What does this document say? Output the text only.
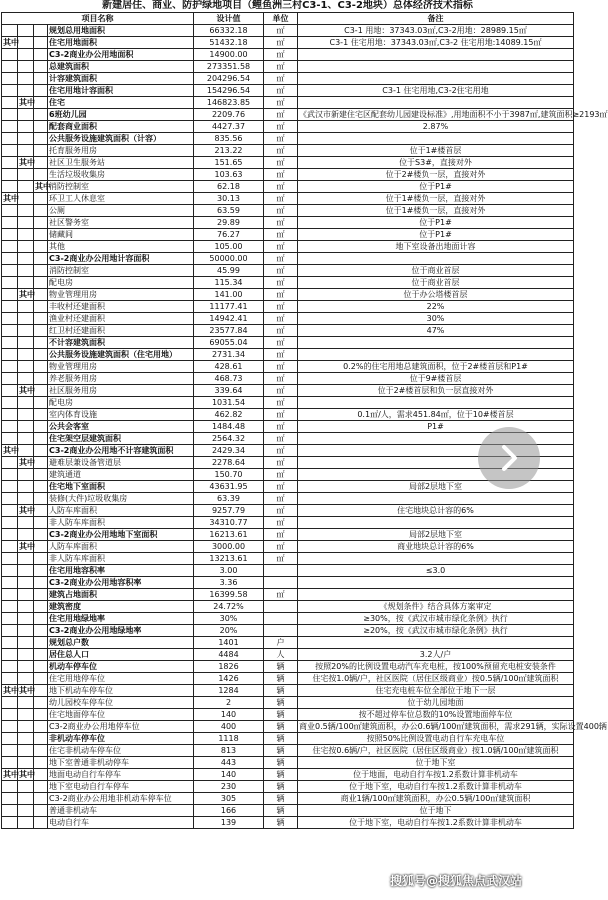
新建居住、商业、防护绿地项目（鲤鱼洲三村C3-1、C3-2地块）总体经济技术指标
项目名称				设计值	单位	备注
			规划总用地面积	66332.18	㎡	C3-1 用地：37343.03㎡,C3-2用地：28989.15㎡
其中			住宅用地面积	51432.18	㎡	C3-1 住宅用地：37343.03㎡,C3-2 住宅用地:14089.15㎡
			C3-2商业办公用地面积	14900.00	㎡	
			总建筑面积	273351.58	㎡	
			计容建筑面积	204296.54	㎡	
			住宅用地计容面积	154296.54	㎡	C3-1 住宅用地,C3-2住宅用地
	其中		住宅	146823.85	㎡	
			6班幼儿园	2209.76	㎡	《武汉市新建住宅区配套幼儿园建设标准》,用地面积不小于3987㎡,建筑面积≥2193㎡
			配套商业面积	4427.37	㎡	2.87%
			公共服务设施建筑面积（计容）	835.56	㎡	
			托育服务用房	213.22	㎡	位于1#楼首层
	其中		社区卫生服务站	151.65	㎡	位于S3#，直接对外
			生活垃圾收集房	103.63	㎡	位于2#楼负一层，直接对外
		其中	消防控制室	62.18	㎡	位于P1#
其中			环卫工人休息室	30.13	㎡	位于1#楼负一层，直接对外
			公厕	63.59	㎡	位于1#楼负一层，直接对外
			社区警务室	29.89	㎡	位于P1#
			储藏间	76.27	㎡	位于P1#
			其他	105.00	㎡	地下室设备出地面计容
			C3-2商业办公用地计容面积	50000.00	㎡	
			消防控制室	45.99	㎡	位于商业首层
			配电房	115.34	㎡	位于商业首层
	其中		物业管理用房	141.00	㎡	位于办公塔楼首层
			丰收村还建面积	11177.41	㎡	22%
			渔业村还建面积	14942.41	㎡	30%
			红卫村还建面积	23577.84	㎡	47%
			不计容建筑面积	69055.04	㎡	
			公共服务设施建筑面积（住宅用地）	2731.34	㎡	
			物业管理用房	428.61	㎡	0.2%的住宅用地总建筑面积，位于2#楼首层和P1#
			养老服务用房	468.73	㎡	位于9#楼首层
	其中		社区服务用房	339.64	㎡	位于2#楼首层和负一层直接对外
			配电房	1031.54	㎡	
			室内体育设施	462.82	㎡	0.1㎡/人，需求451.84㎡，位于10#楼首层
			公共会客室	1484.48	㎡	P1#
			住宅架空层建筑面积	2564.32	㎡	
其中			C3-2商业办公用地不计容建筑面积	2429.34	㎡	
	其中		避难层兼设备管道层	2278.64	㎡	
			建筑通道	150.70	㎡	
			住宅地下室面积	43631.95	㎡	局部2层地下室
			装修(大件)垃圾收集房	63.39	㎡	
	其中		人防车库面积	9257.79	㎡	住宅地块总计容的6%
			非人防车库面积	34310.77	㎡	
			C3-2商业办公用地地下室面积	16213.61	㎡	局部2层地下室
	其中		人防车库面积	3000.00	㎡	商业地块总计容的6%
			非人防车库面积	13213.61	㎡	
			住宅用地容积率	3.00		≤3.0
			C3-2商业办公用地容积率	3.36		
			建筑占地面积	16399.58	㎡	
			建筑密度	24.72%		《规划条件》结合具体方案审定
			住宅用地绿地率	30%		≥30%，按《武汉市城市绿化条例》执行
			C3-2商业办公用地绿地率	20%		≥20%，按《武汉市城市绿化条例》执行
			规划总户数	1401	户	
			居住总人口	4484	人	3.2人/户
			机动车停车位	1826	辆	按照20%的比例设置电动汽车充电桩，按100%预留充电桩安装条件
			住宅用地停车位	1426	辆	住宅按1.0辆/户，社区医院（居住区级商业）按0.5辆/100㎡建筑面积
其中	其中		地下机动车停车位	1284	辆	住宅充电桩车位全部位于地下一层
			幼儿园校车停车位	2	辆	位于幼儿园地面
			住宅地面停车位	140	辆	按不超过停车位总数的10%设置地面停车位
			C3-2商业办公用地停车位	400	辆	商业0.5辆/100㎡建筑面积，办公0.6辆/100㎡建筑面积，需求291辆，实际设置400辆
			非机动车停车位	1118	辆	按照50%比例设置电动自行车充电车位
			住宅非机动车停车位	813	辆	住宅按0.6辆/户，社区医院（居住区级商业）按1.0辆/100㎡建筑面积
			地下室普通非机动停车	443	辆	位于地下室
其中	其中		地面电动自行车停车	140	辆	位于地面，电动自行车按1.2系数计算非机动车
			地下室电动自行车停车	230	辆	位于地下室，电动自行车按1.2系数计算非机动车
			C3-2商业办公用地非机动车停车位	305	辆	商业1辆/100㎡建筑面积，办公0.5辆/100㎡建筑面积
			普通非机动车	166	辆	位于地下
			电动自行车	139	辆	位于地下室，电动自行车按1.2系数计算非机动车
搜狐号@搜狐焦点武汉站
